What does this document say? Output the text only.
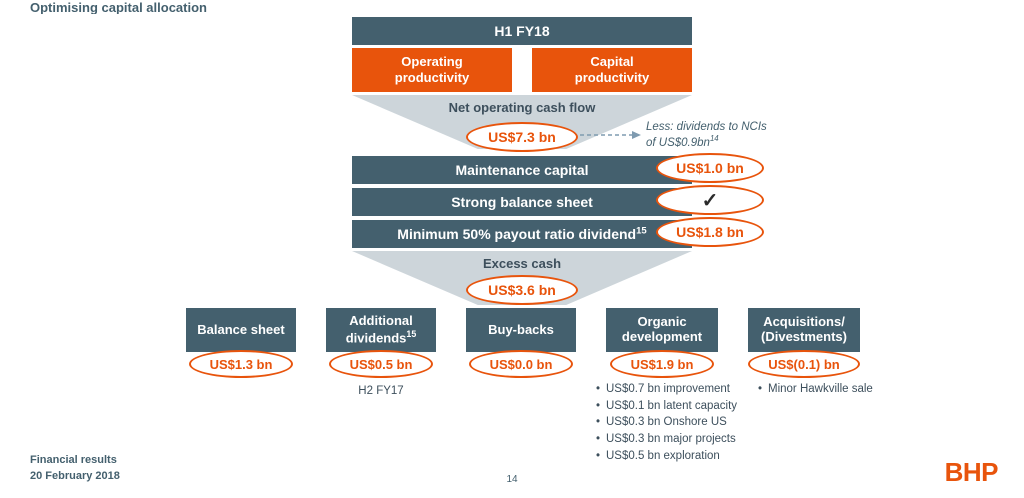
Optimising capital allocation
H1 FY18
Operating
productivity
Capital
productivity
Net operating cash flow
US$7.3 bn
Less: dividends to NCIs
of $US\$0.9bn^{14}$
Maintenance capital	US$1.0 bn
Strong balance sheet	✓
Minimum 50% payout ratio dividend$^{15}$ US$1.8 bn
Excess cash
US$3.6 bn
Balance sheet
US$1.3 bn
Additional
dividends$^{15}$
US$0.5 bn
H2 FY17
Buy-backs
US$0.0 bn
Organic
development
US$1.9 bn
• US$0.7 bn improvement
• US$0.1 bn latent capacity
• US$0.3 bn Onshore US
• US$0.3 bn major projects
• US$0.5 bn exploration
Acquisitions/
(Divestments)
US$(0.1) bn
• Minor Hawkville sale
Financial results
20 February 2018	14	BHP
